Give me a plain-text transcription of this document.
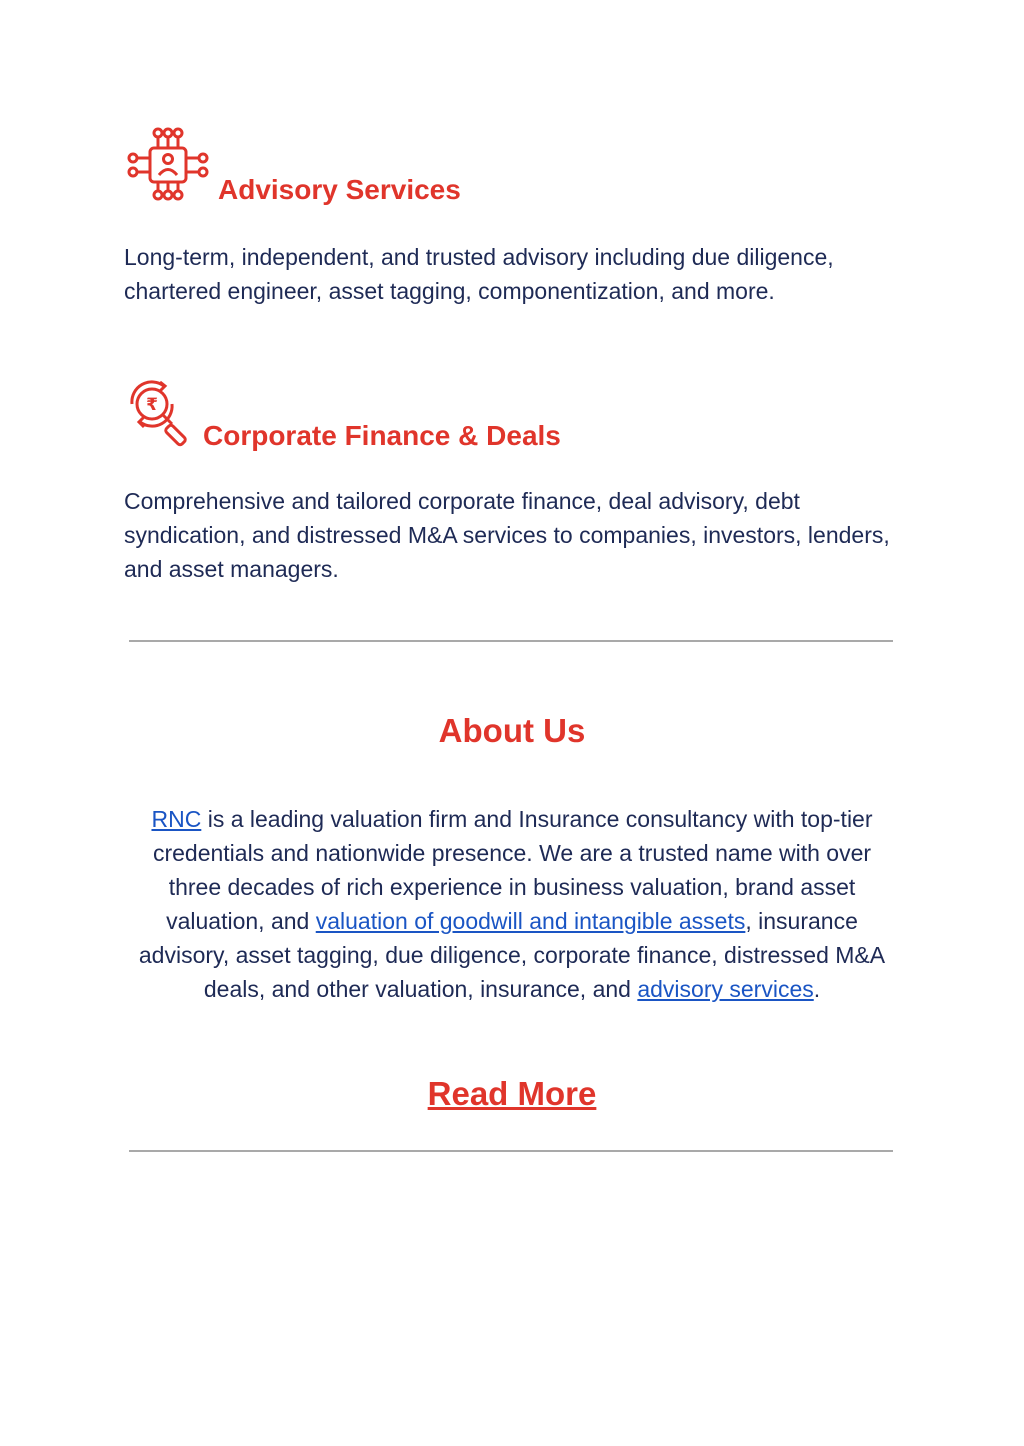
Advisory Services

Long-term, independent, and trusted advisory including due diligence, chartered engineer, asset tagging, componentization, and more.

₹
Corporate Finance & Deals

Comprehensive and tailored corporate finance, deal advisory, debt syndication, and distressed M&A services to companies, investors, lenders, and asset managers.

About Us

RNC is a leading valuation firm and Insurance consultancy with top-tier credentials and nationwide presence. We are a trusted name with over three decades of rich experience in business valuation, brand asset valuation, and valuation of goodwill and intangible assets, insurance advisory, asset tagging, due diligence, corporate finance, distressed M&A deals, and other valuation, insurance, and advisory services.

Read More
